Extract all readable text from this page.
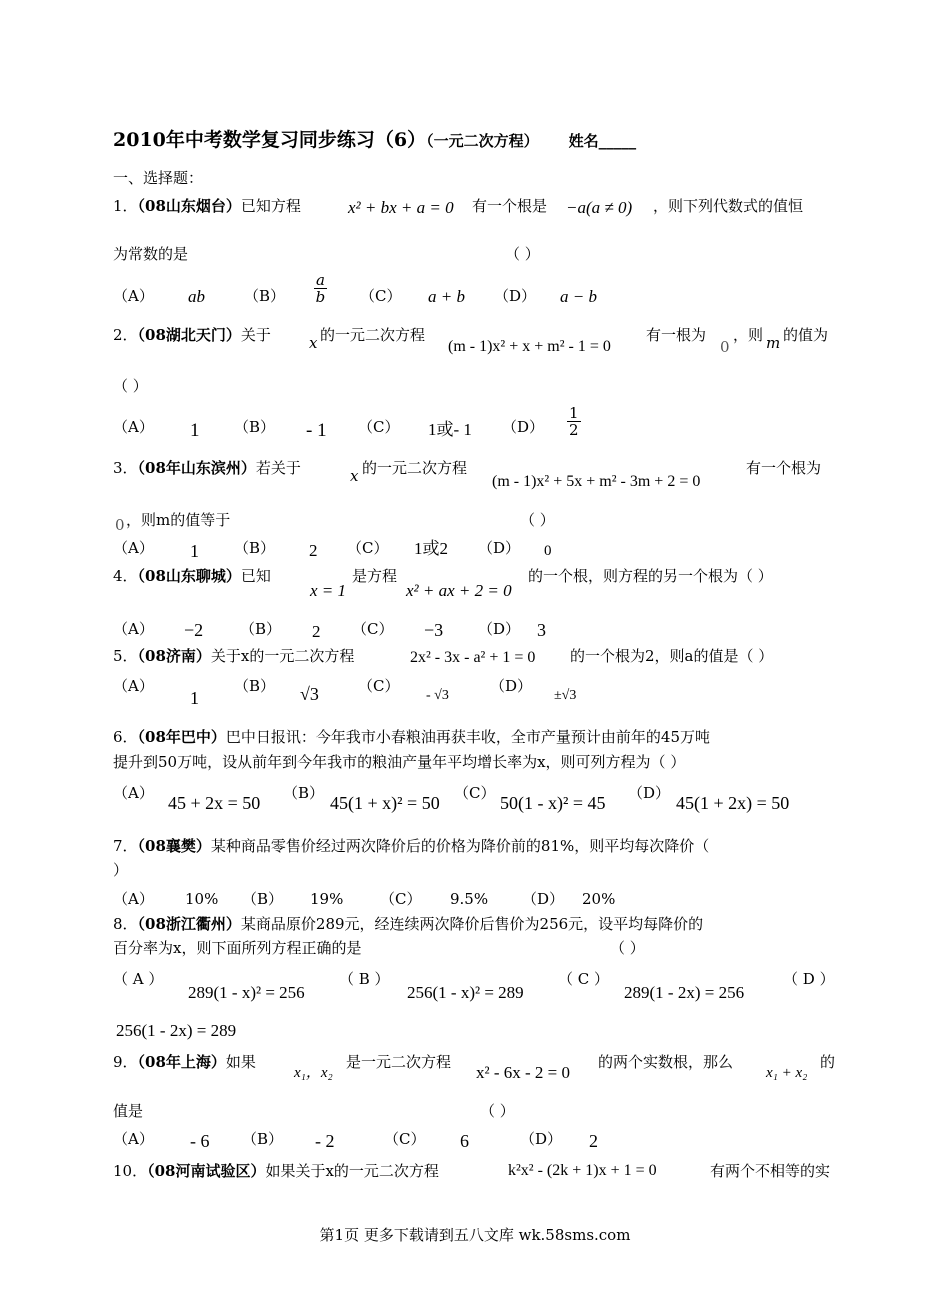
2010年中考数学复习同步练习（6）（一元二次方程） 姓名_____
一、选择题：
1．（08山东烟台）已知方程	x² + bx + a = 0 有一个根是 −a(a ≠ 0) ，则下列代数式的值恒
为常数的是	（ ）
（A） ab	$(B) \frac{a}{b} (C) a + b$ （D） a − b
2．（08湖北天门）关于	x 的一元二次方程
(m - 1)x² + x + m² - 1 = 0
有一根为
0
，则 m 的值为
（ ）
（A） 1 （B） - 1 （C） 1或- 1 $(D) \frac{1}{2}$
3．（08年山东滨州）若关于	x 的一元二次方程
(m - 1)x² + 5x + m² - 3m + 2 = 0
有一个根为
0 ，则m的值等于	（ ）
（A） 1 （B） 2 （C） 1或2 （D） 0
4．（08山东聊城）已知
x = 1
是方程
x² + ax + 2 = 0
的一个根，则方程的另一个根为（ ）
（A） −2 （B） 2 （C） −3 （D） 3
5．（08济南）关于x的一元二次方程	2x² - 3x - a² + 1 = 0 的一个根为2，则a的值是（ ）
（A）
1
（B） √3	（C）
- √3
（D）
±√3
6．（08年巴中）巴中日报讯：今年我市小春粮油再获丰收，全市产量预计由前年的45万吨
提升到50万吨，设从前年到今年我市的粮油产量年平均增长率为x，则可列方程为（ ）
（A） 45 + 2x = 50 （B） 45(1 + x)² = 50 （C） 50(1 - x)² = 45 （D） 45(1 + 2x) = 50
7．（08襄樊）某种商品零售价经过两次降价后的价格为降价前的81%，则平均每次降价（
）
（A） 10% （B） 19% （C） 9.5% （D） 20%
8．（08浙江衢州）某商品原价289元，经连续两次降价后售价为256元，设平均每降价的
百分率为x，则下面所列方程正确的是	（ ）
（ A ）
289(1 - x)² = 256
（ B ）
256(1 - x)² = 289
（ C ）
289(1 - 2x) = 256
（ D ）
256(1 - 2x) = 289
9．（08年上海）如果
x₁，x₂
是一元二次方程
x² - 6x - 2 = 0
的两个实数根，那么
x₁ + x₂
的
值是	（ ）
（A） - 6 （B） - 2	（C） 6	（D） 2
10．（08河南试验区）如果关于x的一元二次方程	k²x² - (2k + 1)x + 1 = 0	有两个不相等的实
第1页 更多下载请到五八文库 wk.58sms.com
